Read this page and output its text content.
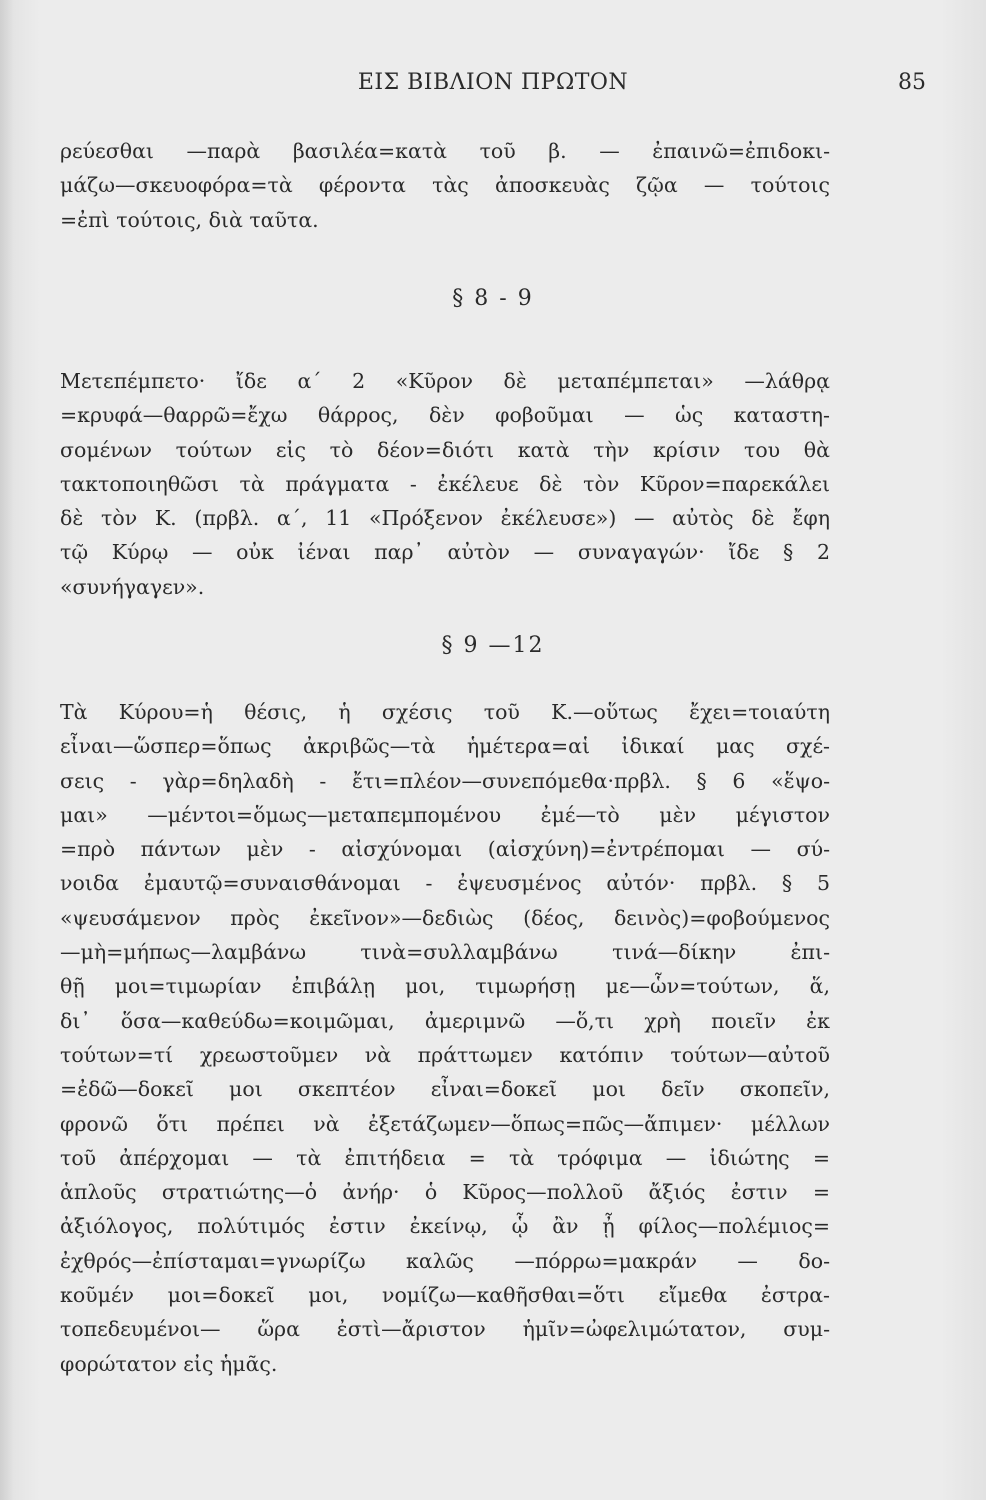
ΕΙΣ ΒΙΒΛΙΟΝ ΠΡΩΤΟΝ	85
ρεύεσθαι —παρὰ βασιλέα=κατὰ τοῦ β. — ἐπαινῶ=ἐπιδοκι-
μάζω—σκευοφόρα=τὰ φέροντα τὰς ἀποσκευὰς ζῷα — τούτοις
=ἐπὶ τούτοις, διὰ ταῦτα.
§ 8 - 9
Μετεπέμπετο· ἴδε α΄ 2 «Κῦρον δὲ μεταπέμπεται» —λάθρᾳ
=κρυφά—θαρρῶ=ἔχω θάρρος, δὲν φοβοῦμαι — ὡς καταστη-
σομένων τούτων εἰς τὸ δέον=διότι κατὰ τὴν κρίσιν του θὰ
τακτοποιηθῶσι τὰ πράγματα - ἐκέλευε δὲ τὸν Κῦρον=παρεκάλει
δὲ τὸν Κ. (πρβλ. α΄, 11 «Πρόξενον ἐκέλευσε») — αὐτὸς δὲ ἔφη
τῷ Κύρῳ — οὐκ ἰέναι παρ᾽ αὐτὸν — συναγαγών· ἴδε § 2
«συνήγαγεν».
§ 9 —12
Τὰ Κύρου=ἡ θέσις, ἡ σχέσις τοῦ Κ.—οὕτως ἔχει=τοιαύτη
εἶναι—ὥσπερ=ὅπως ἀκριβῶς—τὰ ἡμέτερα=αἱ ἰδικαί μας σχέ-
σεις - γὰρ=δηλαδὴ - ἔτι=πλέον—συνεπόμεθα·πρβλ. § 6 «ἕψο-
μαι» —μέντοι=ὅμως—μεταπεμπομένου ἐμέ—τὸ μὲν μέγιστον
=πρὸ πάντων μὲν - αἰσχύνομαι (αἰσχύνη)=ἐντρέπομαι — σύ-
νοιδα ἐμαυτῷ=συναισθάνομαι - ἐψευσμένος αὐτόν· πρβλ. § 5
«ψευσάμενον πρὸς ἐκεῖνον»—δεδιὼς (δέος, δεινὸς)=φοβούμενος
—μὴ=μήπως—λαμβάνω τινὰ=συλλαμβάνω τινά—δίκην ἐπι-
θῇ μοι=τιμωρίαν ἐπιβάλῃ μοι, τιμωρήσῃ με—ὧν=τούτων, ἅ,
δι᾽ ὅσα—καθεύδω=κοιμῶμαι, ἀμεριμνῶ —ὅ,τι χρὴ ποιεῖν ἐκ
τούτων=τί χρεωστοῦμεν νὰ πράττωμεν κατόπιν τούτων—αὐτοῦ
=ἐδῶ—δοκεῖ μοι σκεπτέον εἶναι=δοκεῖ μοι δεῖν σκοπεῖν,
φρονῶ ὅτι πρέπει νὰ ἐξετάζωμεν—ὅπως=πῶς—ἄπιμεν· μέλλων
τοῦ ἀπέρχομαι — τὰ ἐπιτήδεια = τὰ τρόφιμα — ἰδιώτης =
ἁπλοῦς στρατιώτης—ὁ ἀνήρ· ὁ Κῦρος—πολλοῦ ἄξιός ἐστιν =
ἀξιόλογος, πολύτιμός ἐστιν ἐκείνῳ, ᾧ ἂν ᾖ φίλος—πολέμιος=
ἐχθρός—ἐπίσταμαι=γνωρίζω καλῶς —πόρρω=μακράν — δο-
κοῦμέν μοι=δοκεῖ μοι, νομίζω—καθῆσθαι=ὅτι εἴμεθα ἐστρα-
τοπεδευμένοι— ὥρα ἐστὶ—ἄριστον ἡμῖν=ὠφελιμώτατον, συμ-
φορώτατον εἰς ἡμᾶς.
